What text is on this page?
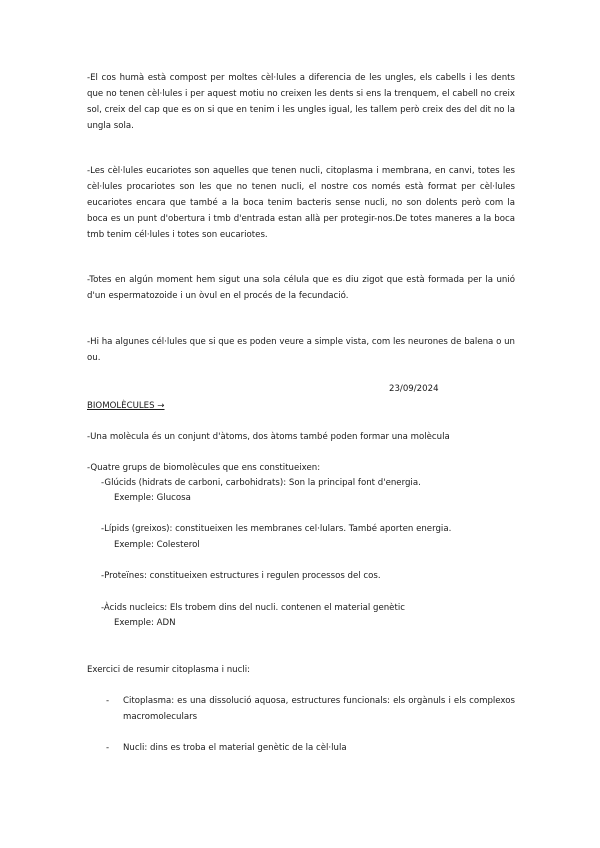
-El cos humà està compost per moltes cèl·lules a diferencia de les ungles, els cabells i les dents que no tenen cèl·lules i per aquest motiu no creixen les dents si ens la trenquem, el cabell no creix sol, creix del cap que es on si que en tenim i les ungles igual, les tallem però creix des del dit no la ungla sola.

-Les cèl·lules eucariotes son aquelles que tenen nucli, citoplasma i membrana, en canvi, totes les cèl·lules procariotes son les que no tenen nucli, el nostre cos només està format per cèl·lules eucariotes encara que també a la boca tenim bacteris sense nucli, no son dolents però com la boca es un punt d'obertura i tmb d'entrada estan allà per protegir-nos.De totes maneres a la boca tmb tenim cél·lules i totes son eucariotes.

-Totes en algún moment hem sigut una sola célula que es diu zigot que està formada per la unió d'un espermatozoide i un òvul en el procés de la fecundació.

-Hi ha algunes cél·lules que si que es poden veure a simple vista, com les neurones de balena o un ou.

23/09/2024

BIOMOLÈCULES →

-Una molècula és un conjunt d'àtoms, dos àtoms també poden formar una molècula

-Quatre grups de biomolècules que ens constitueixen:

-Glúcids (hidrats de carboni, carbohidrats): Son la principal font d'energia.

Exemple: Glucosa

-Lípids (greixos): constitueixen les membranes cel·lulars. També aporten energia.

Exemple: Colesterol

-Proteïnes: constitueixen estructures i regulen processos del cos.

-Àcids nucleics: Els trobem dins del nucli. contenen el material genètic

Exemple: ADN

Exercici de resumir citoplasma i nucli:

- Citoplasma: es una dissolució aquosa, estructures funcionals: els orgànuls i els complexos macromoleculars

- Nucli: dins es troba el material genètic de la cèl·lula
